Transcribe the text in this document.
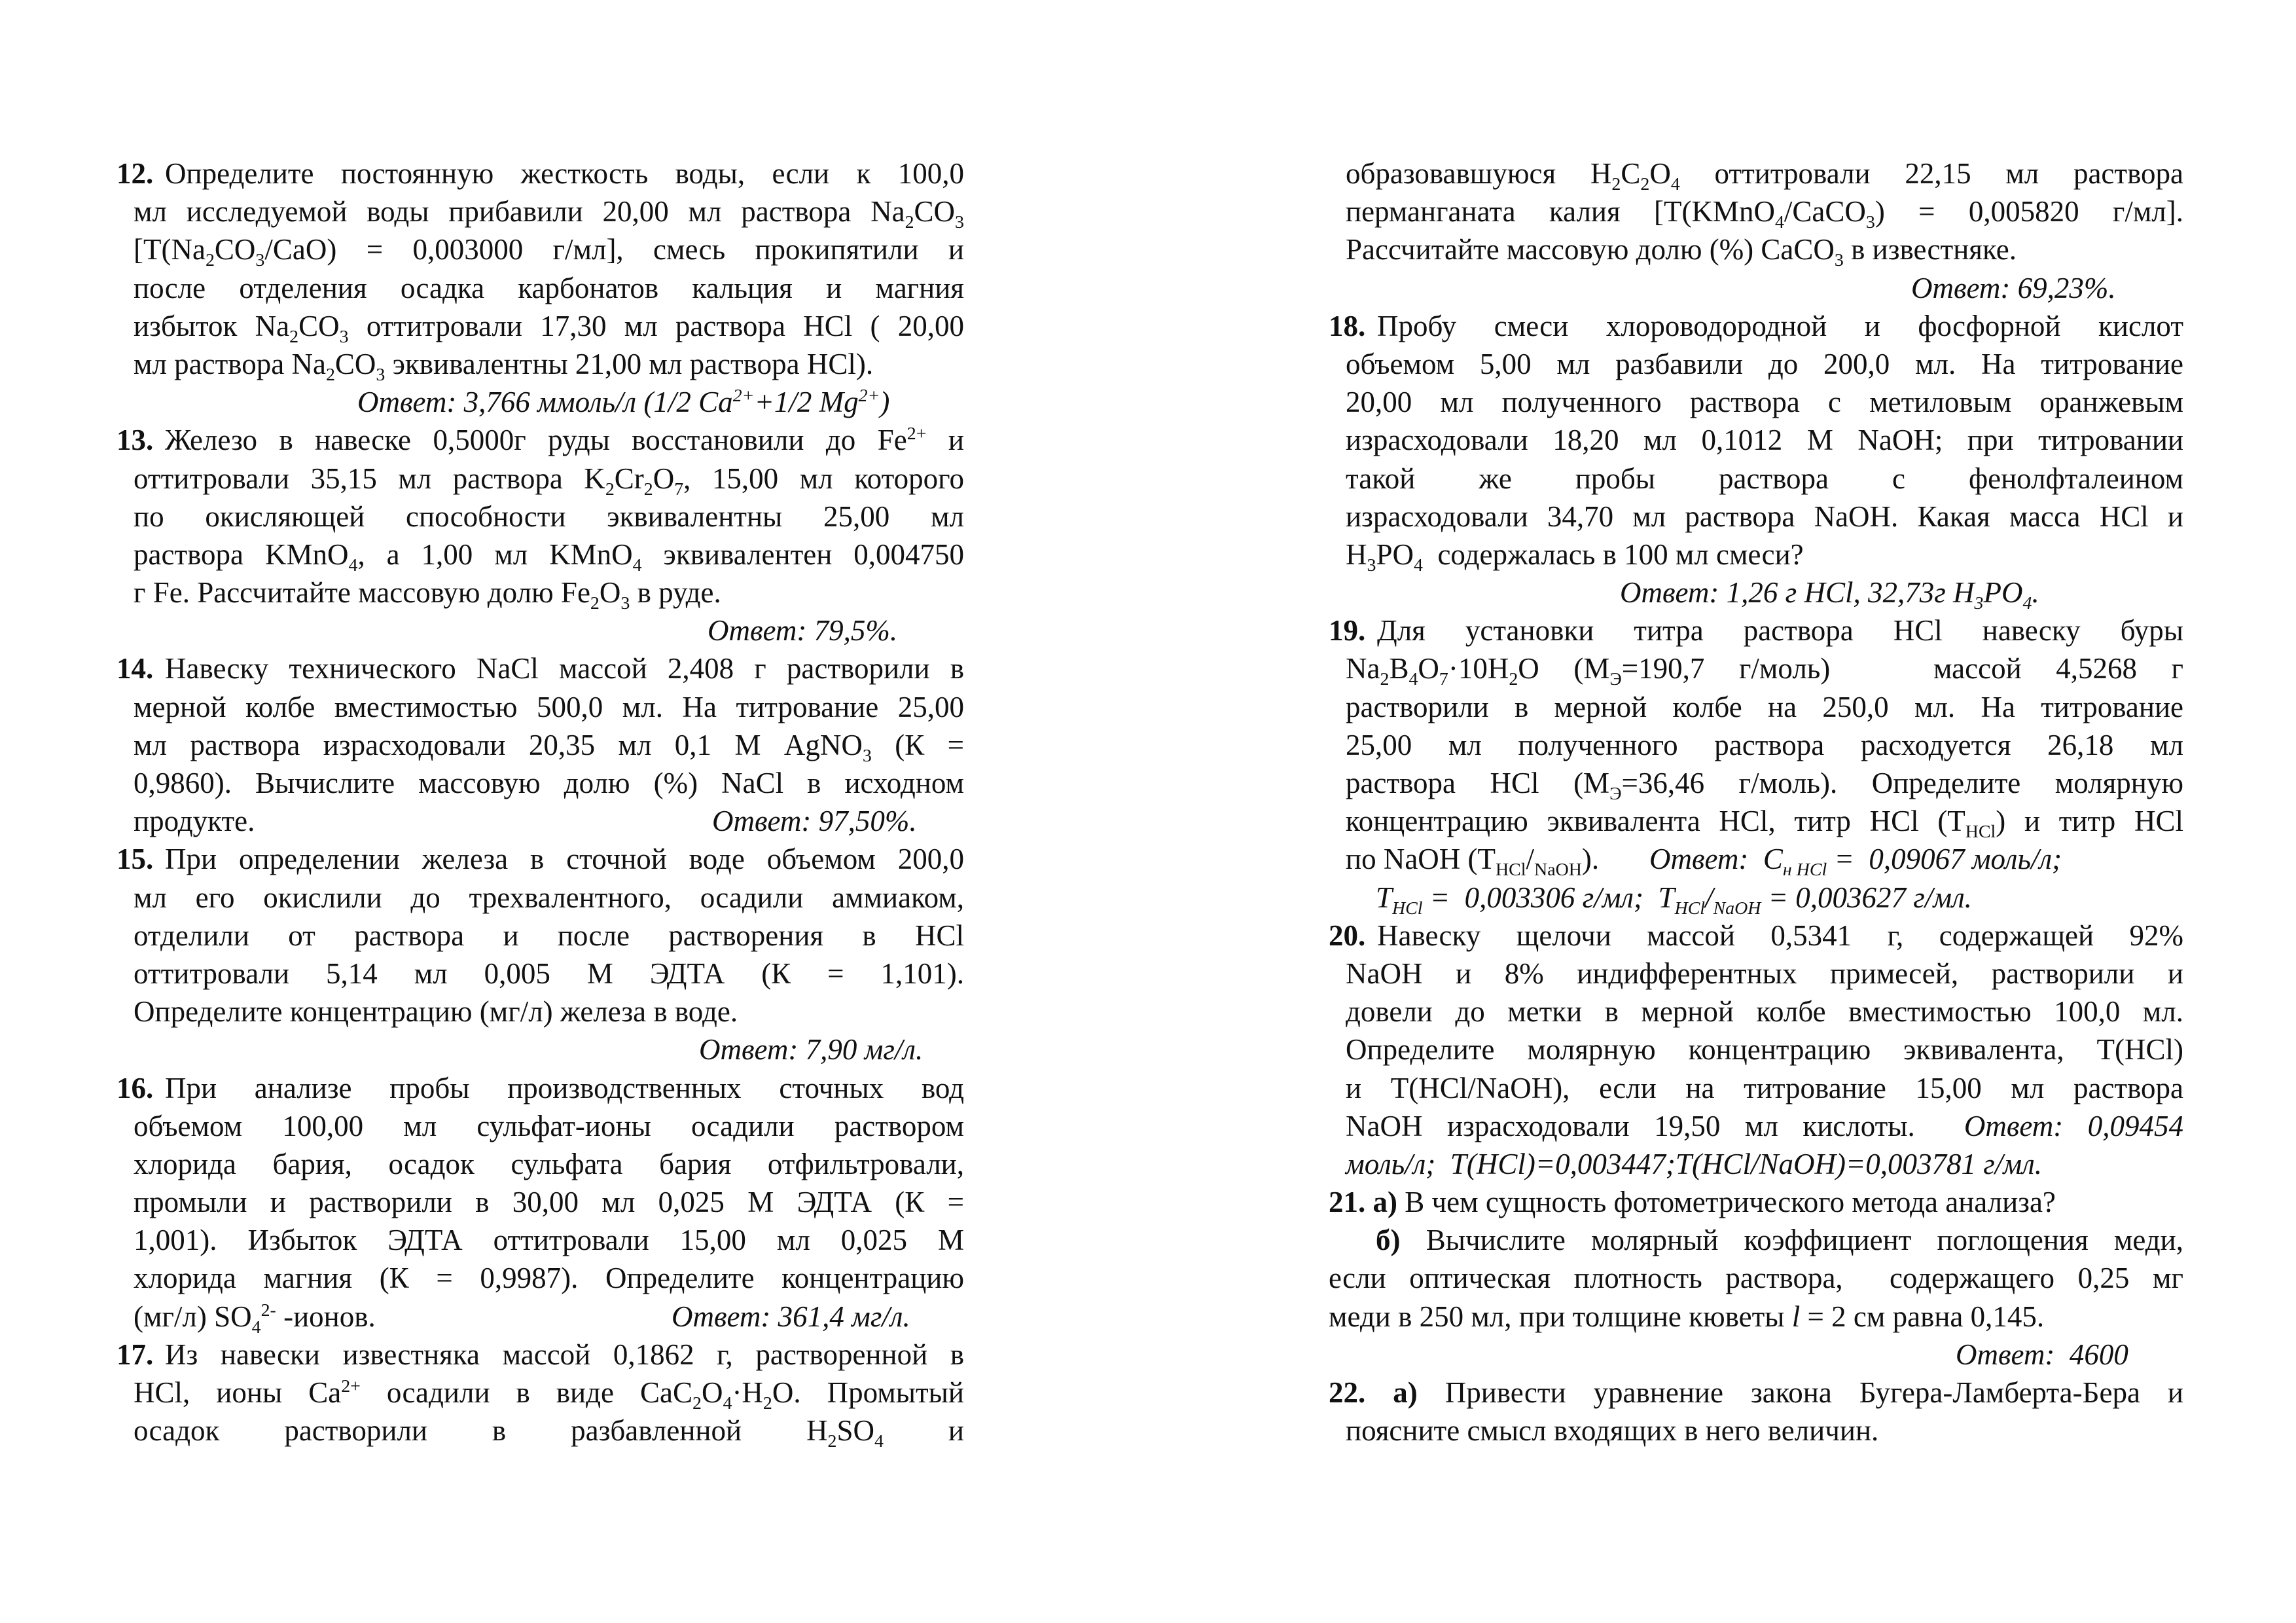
12. Определите постоянную жесткость воды, если к 100,0
мл исследуемой воды прибавили 20,00 мл раствора $Na_2CO_3$
[$T(Na_2CO_3/CaO) = 0,003000$ г/мл], смесь прокипятили и
после отделения осадка карбонатов кальция и магния
избыток $Na_2CO_3$ оттитровали 17,30 мл раствора HCl ( 20,00
мл раствора $Na_2CO_3$ эквивалентны 21,00 мл раствора HCl).
Ответ: 3,766 ммоль/л (1/2 $Ca^{2+}+1/2$ $Mg^{2+}$)
13. Железо в навеске 0,5000г руды восстановили до $Fe^{2+}$ и
оттитровали 35,15 мл раствора $K_2Cr_2O_7$, 15,00 мл которого
по окисляющей способности эквивалентны 25,00 мл
раствора KMnO$_4$, а 1,00 мл KMnO$_4$ эквивалентен 0,004750
г Fe. Рассчитайте массовую долю $Fe_2O_3$ в руде.
Ответ: 79,5%.
14. Навеску технического NaCl массой 2,408 г растворили в
мерной колбе вместимостью 500,0 мл. На титрование 25,00
мл раствора израсходовали 20,35 мл 0,1 М AgNO$_3$ (К =
0,9860). Вычислите массовую долю (%) NaCl в исходном
продукте.	Ответ: 97,50%.
15. При определении железа в сточной воде объемом 200,0
мл его окислили до трехвалентного, осадили аммиаком,
отделили от раствора и после растворения в HCl
оттитровали 5,14 мл 0,005 М ЭДТА (К = 1,101).
Определите концентрацию (мг/л) железа в воде.
Ответ: 7,90 мг/л.
16. При анализе пробы производственных сточных вод
объемом 100,00 мл сульфат-ионы осадили раствором
хлорида бария, осадок сульфата бария отфильтровали,
промыли и растворили в 30,00 мл 0,025 М ЭДТА (К =
1,001). Избыток ЭДТА оттитровали 15,00 мл 0,025 М
хлорида магния (К = 0,9987). Определите концентрацию
(мг/л) $SO_4^{2-}$ -ионов.	Ответ: 361,4 мг/л.
17. Из навески известняка массой 0,1862 г, растворенной в
HCl, ионы $Ca^{2+}$ осадили в виде $CaC_2O_4\cdot H_2O$. Промытый
осадок растворили в разбавленной $H_2SO_4$ и
образовавшуюся $H_2C_2O_4$ оттитровали 22,15 мл раствора
перманганата калия [T(KMnO$_4$/CaCO$_3$) = 0,005820 г/мл].
Рассчитайте массовую долю (%) CaCO$_3$ в известняке.
Ответ: 69,23%.
18. Пробу смеси хлороводородной и фосфорной кислот
объемом 5,00 мл разбавили до 200,0 мл. На титрование
20,00 мл полученного раствора с метиловым оранжевым
израсходовали 18,20 мл 0,1012 М NaOH; при титровании
такой же пробы раствора с фенолфталеином
израсходовали 34,70 мл раствора NaOH. Какая масса HCl и
$H_3PO_4$  содержалась в 100 мл смеси?
Ответ: 1,26 г HCl, 32,73г $H_3PO_4$.
19. Для установки титра раствора HCl навеску буры
$Na_2B_4O_7\cdot 10H_2O$ ($M_Э=190,7$ г/моль)   массой 4,5268 г
растворили в мерной колбе на 250,0 мл. На титрование
25,00 мл полученного раствора расходуется 26,18 мл
раствора HCl ($M_Э=36,46$ г/моль). Определите молярную
концентрацию эквивалента HCl, титр HCl $(T_{HCl})$ и титр HCl
по NaOH $(T_{HCl}/_{NaOH})$. Ответ:  $C_{н HCl} = 0,09067$ моль/л;
$T_{HCl} = 0,003306$ г/мл;  $T_{HCl}/_{NaOH} = 0,003627$ г/мл.
20. Навеску щелочи массой 0,5341 г, содержащей 92%
NaOH и 8% индифферентных примесей, растворили и
довели до метки в мерной колбе вместимостью 100,0 мл.
Определите молярную концентрацию эквивалента, T(HCl)
и T(HCl/NaOH), если на титрование 15,00 мл раствора
NaOH израсходовали 19,50 мл кислоты.  Ответ: 0,09454
моль/л;  T(HCl)=0,003447;T(HCl/NaOH)=0,003781 г/мл.
21. а) В чем сущность фотометрического метода анализа?
б) Вычислите молярный коэффициент поглощения меди,
если оптическая плотность раствора,  содержащего 0,25 мг
меди в 250 мл, при толщине кюветы l = 2 см равна 0,145.
Ответ:  4600
22. а) Привести уравнение закона Бугера-Ламберта-Бера и
поясните смысл входящих в него величин.
